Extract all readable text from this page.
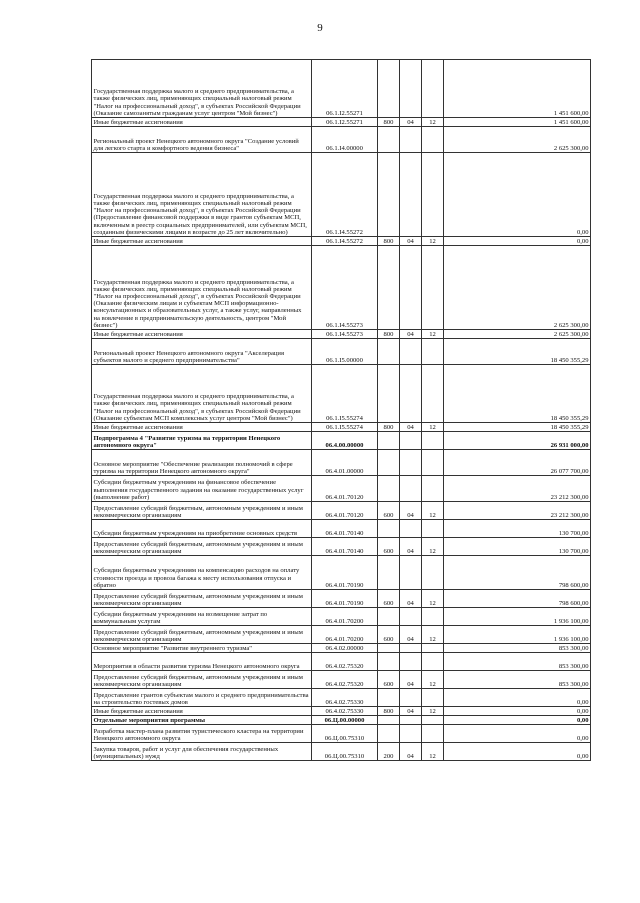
9
Государственная поддержка малого и среднего предпринимательства, а также физических лиц, применяющих специальный налоговый режим "Налог на профессиональный доход", в субъектах Российской Федерации (Оказание самозанятым гражданам услуг центром "Мой бизнес")	06.1.I2.55271				1 451 600,00
Иные бюджетные ассигнования	06.1.I2.55271	800	04	12	1 451 600,00
Региональный проект Ненецкого автономного округа "Создание условий для легкого старта и комфортного ведения бизнеса"	06.1.I4.00000				2 625 300,00
Государственная поддержка малого и среднего предпринимательства, а также физических лиц, применяющих специальный налоговый режим "Налог на профессиональный доход", в субъектах Российской Федерации (Предоставление финансовой поддержки в виде грантов субъектам МСП, включенным в реестр социальных предпринимателей, или субъектам МСП, созданным физическими лицами в возрасте до 25 лет включительно)	06.1.I4.55272				0,00
Иные бюджетные ассигнования	06.1.I4.55272	800	04	12	0,00
Государственная поддержка малого и среднего предпринимательства, а также физических лиц, применяющих специальный налоговый режим "Налог на профессиональный доход", в субъектах Российской Федерации (Оказание физическим лицам и субъектам МСП информационно-консультационных и образовательных услуг, а также услуг, направленных на вовлечение в предпринимательскую деятельность, центром "Мой бизнес")	06.1.I4.55273				2 625 300,00
Иные бюджетные ассигнования	06.1.I4.55273	800	04	12	2 625 300,00
Региональный проект Ненецкого автономного округа "Акселерация субъектов малого и среднего предпринимательства"	06.1.I5.00000				18 450 355,29
Государственная поддержка малого и среднего предпринимательства, а также физических лиц, применяющих специальный налоговый режим "Налог на профессиональный доход", в субъектах Российской Федерации (Оказание субъектам МСП комплексных услуг центром "Мой бизнес")	06.1.I5.55274				18 450 355,29
Иные бюджетные ассигнования	06.1.I5.55274	800	04	12	18 450 355,29
Подпрограмма 4 "Развитие туризма на территории Ненецкого автономного округа"	06.4.00.00000				26 931 000,00
Основное мероприятие "Обеспечение реализации полномочий в сфере туризма на территории Ненецкого автономного округа"	06.4.01.00000				26 077 700,00
Субсидии бюджетным учреждениям на финансовое обеспечение выполнения государственного задания на оказание государственных услуг (выполнение работ)	06.4.01.70120				23 212 300,00
Предоставление субсидий бюджетным, автономным учреждениям и иным некоммерческим организациям	06.4.01.70120	600	04	12	23 212 300,00
Субсидии бюджетным учреждениям на приобретение основных средств	06.4.01.70140				130 700,00
Предоставление субсидий бюджетным, автономным учреждениям и иным некоммерческим организациям	06.4.01.70140	600	04	12	130 700,00
Субсидии бюджетным учреждениям на компенсацию расходов на оплату стоимости проезда и провоза багажа к месту использования отпуска и обратно	06.4.01.70190				798 600,00
Предоставление субсидий бюджетным, автономным учреждениям и иным некоммерческим организациям	06.4.01.70190	600	04	12	798 600,00
Субсидии бюджетным учреждениям на возмещение затрат по коммунальным услугам	06.4.01.70200				1 936 100,00
Предоставление субсидий бюджетным, автономным учреждениям и иным некоммерческим организациям	06.4.01.70200	600	04	12	1 936 100,00
Основное мероприятие "Развитие внутреннего туризма"	06.4.02.00000				853 300,00
Мероприятия в области развития туризма Ненецкого автономного округа	06.4.02.75320				853 300,00
Предоставление субсидий бюджетным, автономным учреждениям и иным некоммерческим организациям	06.4.02.75320	600	04	12	853 300,00
Предоставление грантов субъектам малого и среднего предпринимательства на строительство гостевых домов	06.4.02.75330				0,00
Иные бюджетные ассигнования	06.4.02.75330	800	04	12	0,00
Отдельные мероприятия программы	06.Ц.00.00000				0,00
Разработка мастер-плана развития туристического кластера на территории Ненецкого автономного округа	06.Ц.00.75310				0,00
Закупка товаров, работ и услуг для обеспечения государственных (муниципальных) нужд	06.Ц.00.75310	200	04	12	0,00
